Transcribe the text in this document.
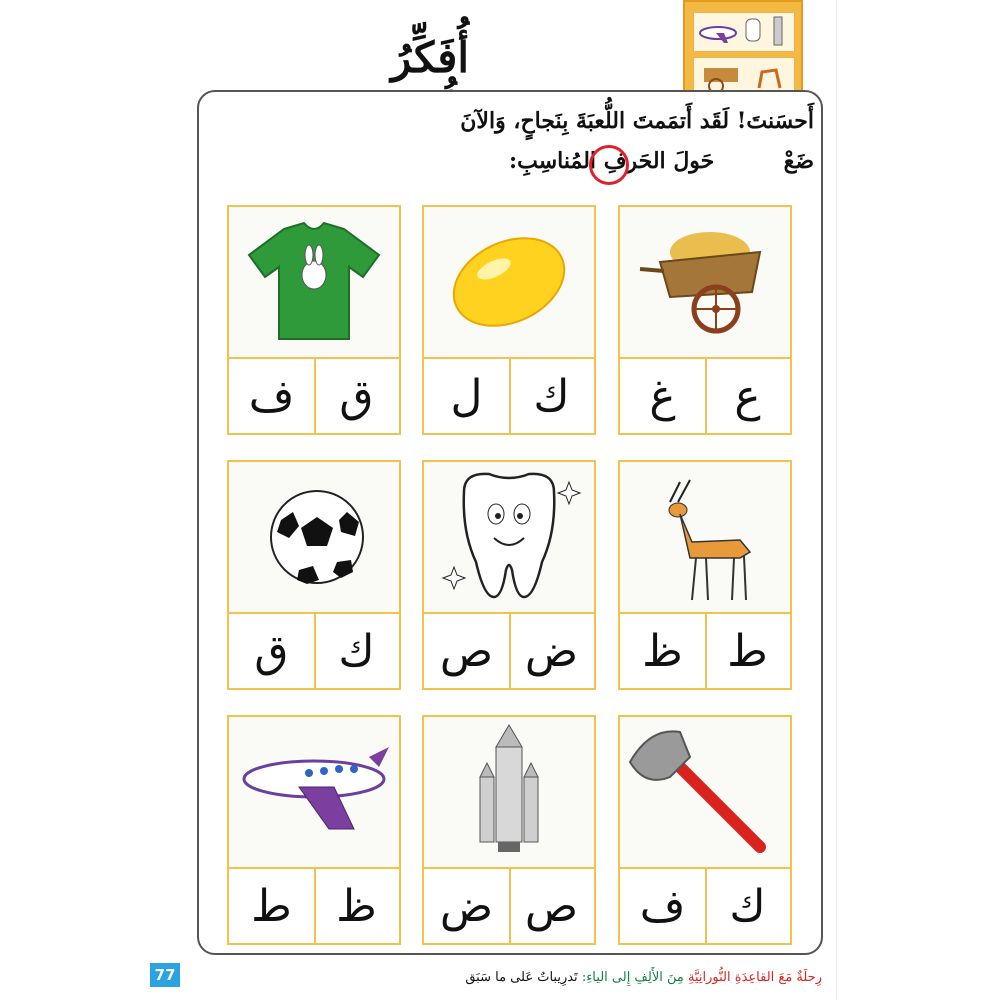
أُفَكِّرُ
أَحسَنتَ! لَقَد أَتمَمتَ اللُّعبَةَ بِنَجاحٍ، وَالآنَ
ضَعْ  حَولَ الحَرفِ المُناسِبِ:
ع
غ
ك
ل
ق
ف
ط
ظ
ض
ص
ك
ق
ك
ف
ص
ض
ظ
ط
77	رِحلَةٌ مَعَ القاعِدَةِ النُّورانِيَّةِ مِنَ الأَلِفِ إِلى الياءِ: تَدرِيباتٌ عَلى ما سَبَق
